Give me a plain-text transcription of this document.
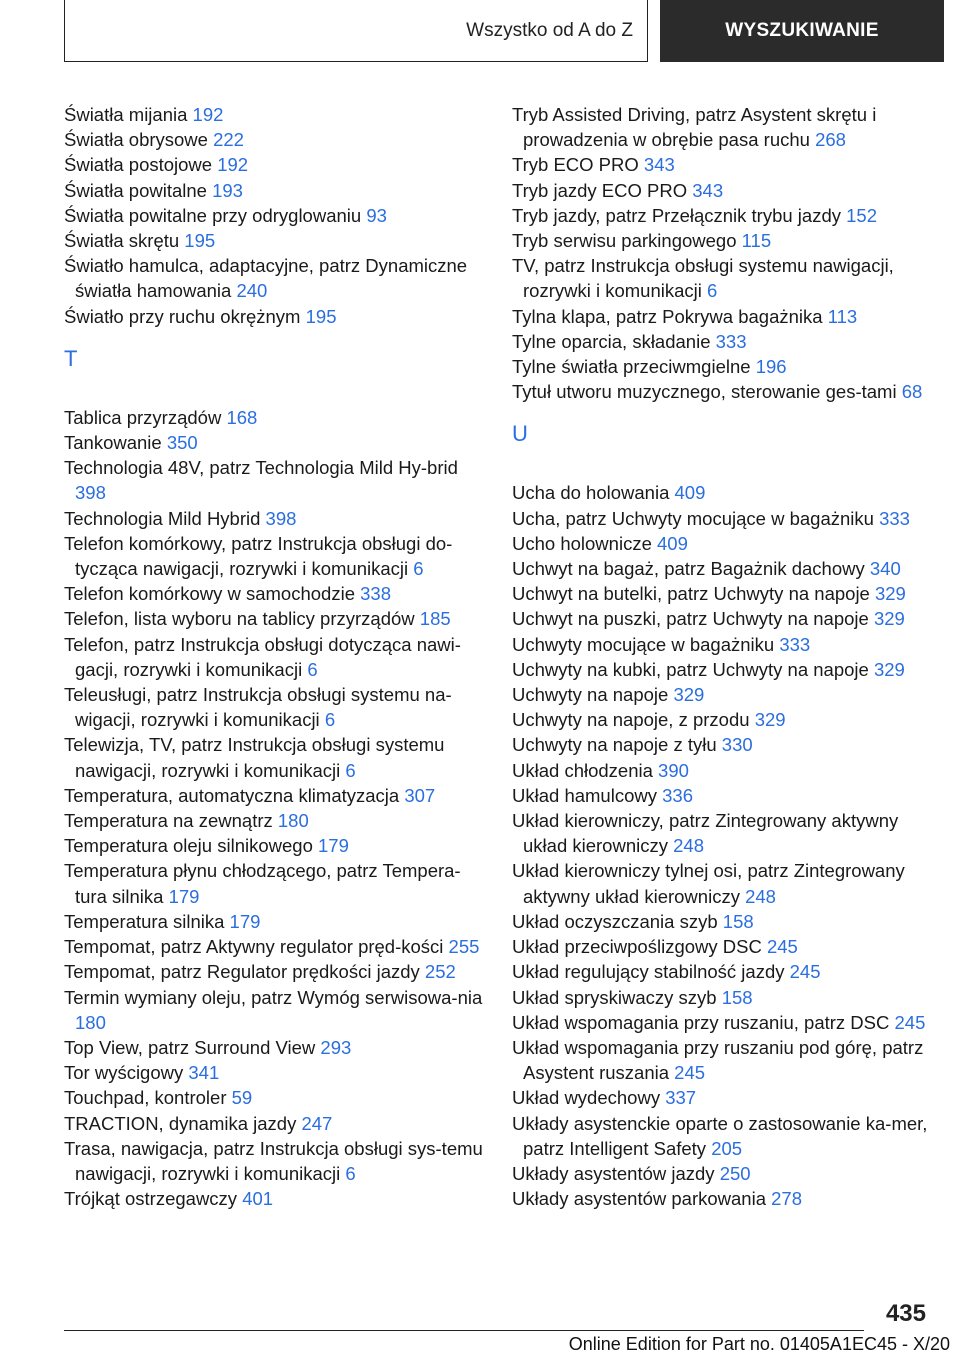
Wszystko od A do Z	WYSZUKIWANIE
Światła mijania 192
Światła obrysowe 222
Światła postojowe 192
Światła powitalne 193
Światła powitalne przy odryglowaniu 93
Światła skrętu 195
Światło hamulca, adaptacyjne, patrz Dynamiczne światła hamowania 240
Światło przy ruchu okrężnym 195
T
Tablica przyrządów 168
Tankowanie 350
Technologia 48V, patrz Technologia Mild Hy‐brid 398
Technologia Mild Hybrid 398
Telefon komórkowy, patrz Instrukcja obsługi do‐tycząca nawigacji, rozrywki i komunikacji 6
Telefon komórkowy w samochodzie 338
Telefon, lista wyboru na tablicy przyrządów 185
Telefon, patrz Instrukcja obsługi dotycząca nawi‐gacji, rozrywki i komunikacji 6
Teleusługi, patrz Instrukcja obsługi systemu na‐wigacji, rozrywki i komunikacji 6
Telewizja, TV, patrz Instrukcja obsługi systemu nawigacji, rozrywki i komunikacji 6
Temperatura, automatyczna klimatyzacja 307
Temperatura na zewnątrz 180
Temperatura oleju silnikowego 179
Temperatura płynu chłodzącego, patrz Tempera‐tura silnika 179
Temperatura silnika 179
Tempomat, patrz Aktywny regulator pręd‐kości 255
Tempomat, patrz Regulator prędkości jazdy 252
Termin wymiany oleju, patrz Wymóg serwisowa‐nia 180
Top View, patrz Surround View 293
Tor wyścigowy 341
Touchpad, kontroler 59
TRACTION, dynamika jazdy 247
Trasa, nawigacja, patrz Instrukcja obsługi sys‐temu nawigacji, rozrywki i komunikacji 6
Trójkąt ostrzegawczy 401
Tryb Assisted Driving, patrz Asystent skrętu i prowadzenia w obrębie pasa ruchu 268
Tryb ECO PRO 343
Tryb jazdy ECO PRO 343
Tryb jazdy, patrz Przełącznik trybu jazdy 152
Tryb serwisu parkingowego 115
TV, patrz Instrukcja obsługi systemu nawigacji, rozrywki i komunikacji 6
Tylna klapa, patrz Pokrywa bagażnika 113
Tylne oparcia, składanie 333
Tylne światła przeciwmgielne 196
Tytuł utworu muzycznego, sterowanie ges‐tami 68
U
Ucha do holowania 409
Ucha, patrz Uchwyty mocujące w bagażniku 333
Ucho holownicze 409
Uchwyt na bagaż, patrz Bagażnik dachowy 340
Uchwyt na butelki, patrz Uchwyty na napoje 329
Uchwyt na puszki, patrz Uchwyty na napoje 329
Uchwyty mocujące w bagażniku 333
Uchwyty na kubki, patrz Uchwyty na napoje 329
Uchwyty na napoje 329
Uchwyty na napoje, z przodu 329
Uchwyty na napoje z tyłu 330
Układ chłodzenia 390
Układ hamulcowy 336
Układ kierowniczy, patrz Zintegrowany aktywny układ kierowniczy 248
Układ kierowniczy tylnej osi, patrz Zintegrowany aktywny układ kierowniczy 248
Układ oczyszczania szyb 158
Układ przeciwpoślizgowy DSC 245
Układ regulujący stabilność jazdy 245
Układ spryskiwaczy szyb 158
Układ wspomagania przy ruszaniu, patrz DSC 245
Układ wspomagania przy ruszaniu pod górę, patrz Asystent ruszania 245
Układ wydechowy 337
Układy asystenckie oparte o zastosowanie ka‐mer, patrz Intelligent Safety 205
Układy asystentów jazdy 250
Układy asystentów parkowania 278
435
Online Edition for Part no. 01405A1EC45 - X/20
